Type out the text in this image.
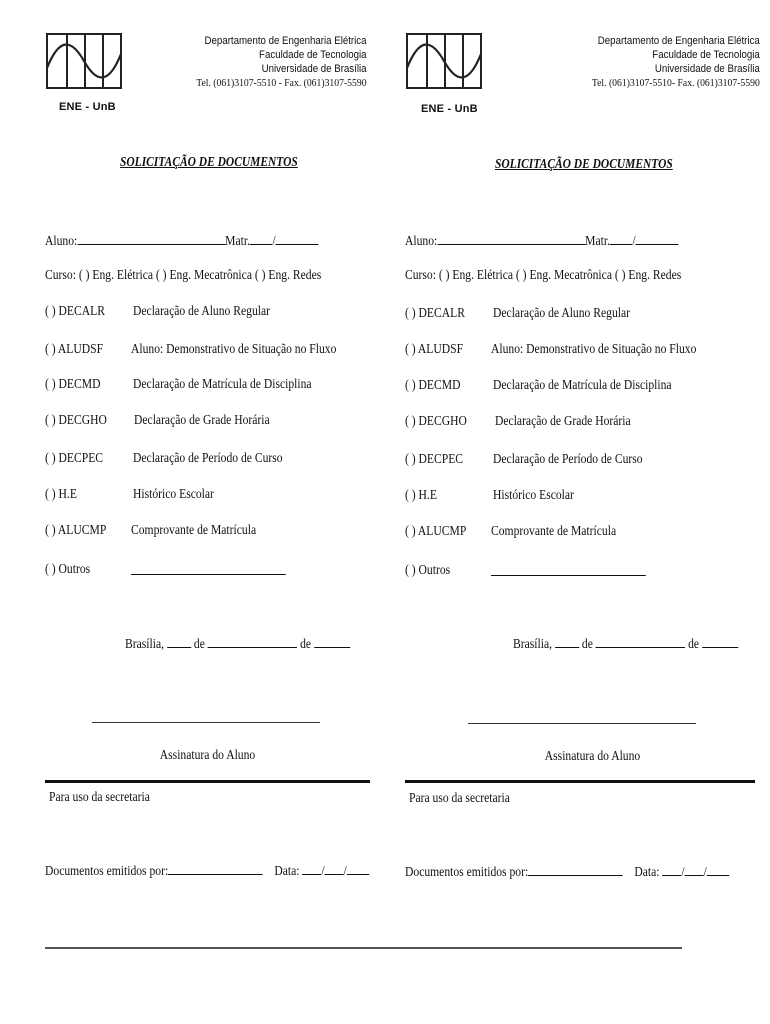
ENE - UnB
Departamento de Engenharia Elétrica
Faculdade de Tecnologia
Universidade de Brasília
Tel. (061)3107-5510 - Fax. (061)3107-5590
SOLICITAÇÃO DE DOCUMENTOS
Aluno:	Matr. /
Curso: ( ) Eng. Elétrica ( ) Eng. Mecatrônica ( ) Eng. Redes
( ) DECALR Declaração de Aluno Regular
( ) ALUDSF Aluno: Demonstrativo de Situação no Fluxo
( ) DECMD Declaração de Matrícula de Disciplina
( ) DECGHO Declaração de Grade Horária
( ) DECPEC Declaração de Período de Curso
( ) H.E	Histórico Escolar
( ) ALUCMP Comprovante de Matrícula
( ) Outros
Brasília, de	de
Assinatura do Aluno
Para uso da secretaria
Documentos emitidos por:	Data: / /
ENE - UnB
Departamento de Engenharia Elétrica
Faculdade de Tecnologia
Universidade de Brasília
Tel. (061)3107-5510- Fax. (061)3107-5590
SOLICITAÇÃO DE DOCUMENTOS
Aluno:	Matr. /
Curso: ( ) Eng. Elétrica ( ) Eng. Mecatrônica ( ) Eng. Redes
( ) DECALR Declaração de Aluno Regular
( ) ALUDSF Aluno: Demonstrativo de Situação no Fluxo
( ) DECMD Declaração de Matrícula de Disciplina
( ) DECGHO Declaração de Grade Horária
( ) DECPEC Declaração de Período de Curso
( ) H.E	Histórico Escolar
( ) ALUCMP Comprovante de Matrícula
( ) Outros
Brasília, de	de
Assinatura do Aluno
Para uso da secretaria
Documentos emitidos por:	Data: / /
